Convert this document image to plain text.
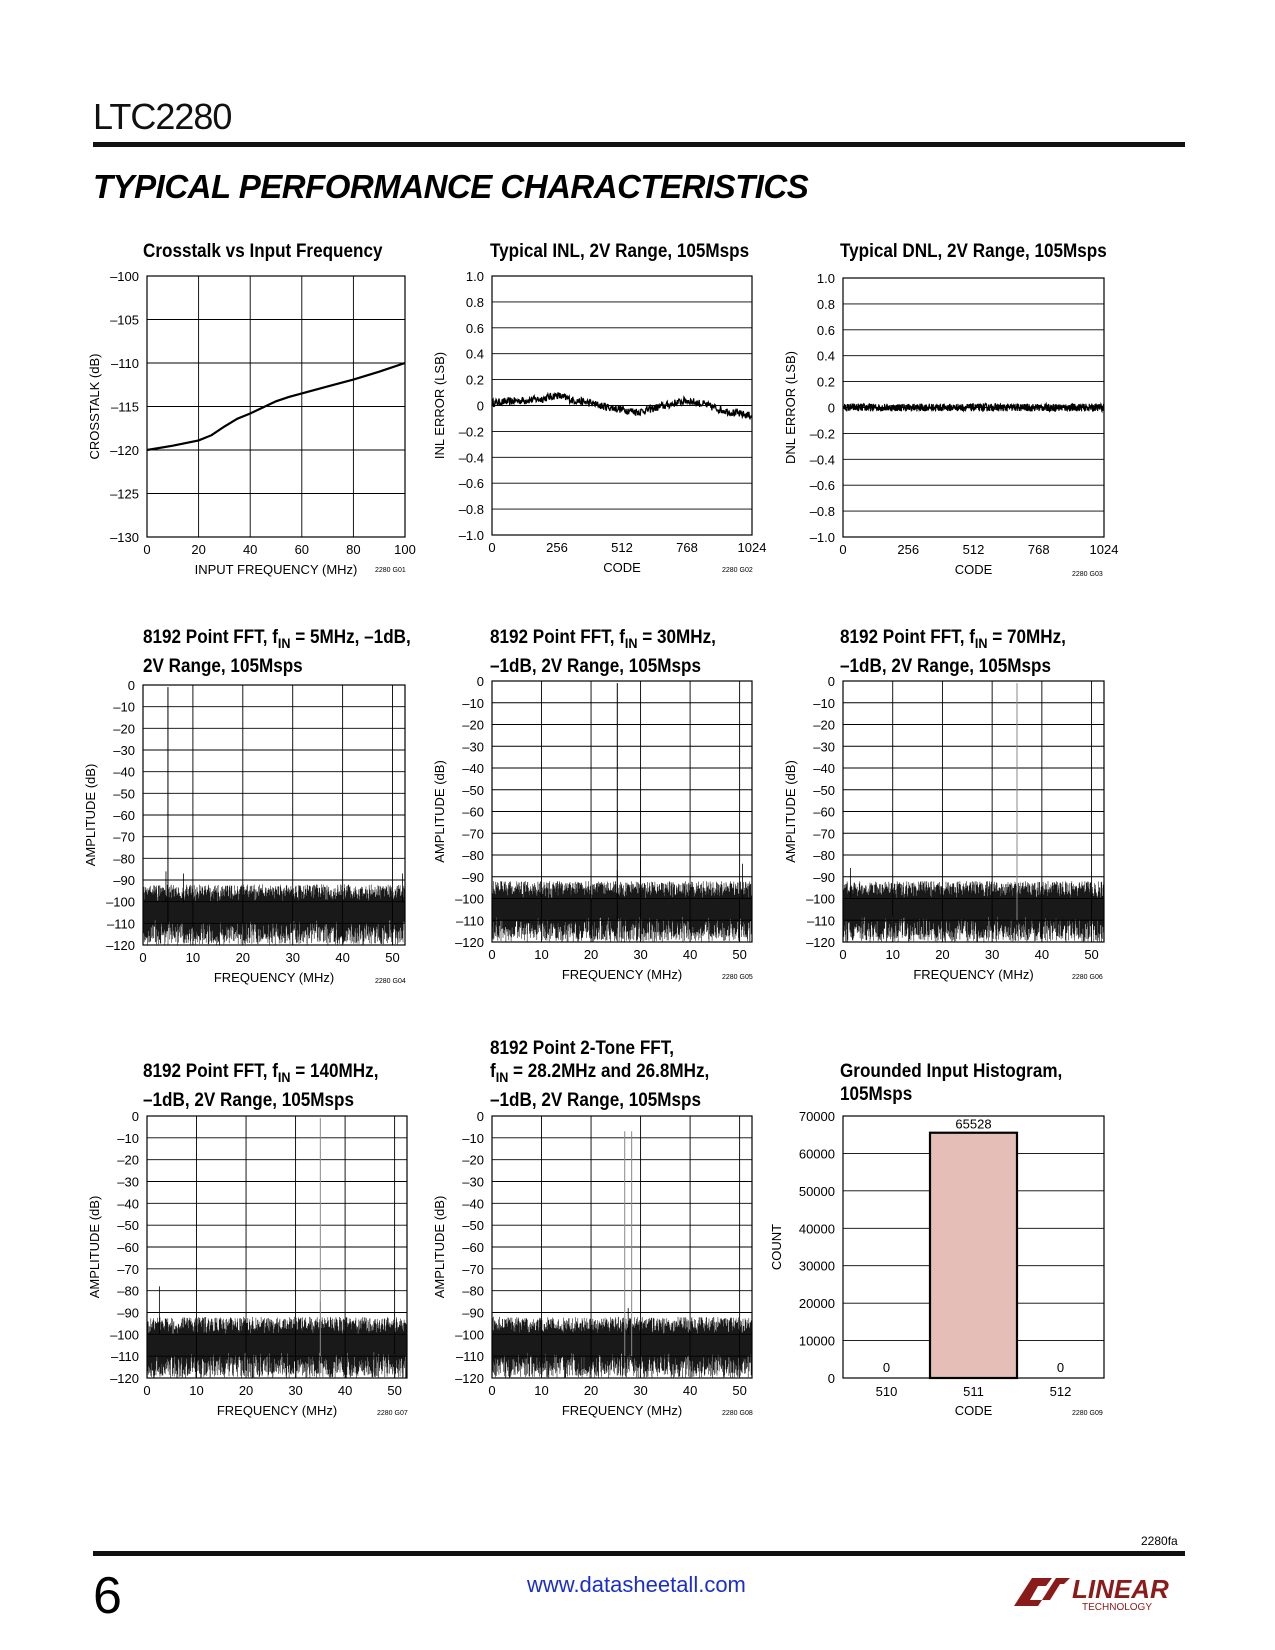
LTC2280
TYPICAL PERFORMANCE CHARACTERISTICS
Crosstalk vs Input Frequency	Typical INL, 2V Range, 105Msps	Typical DNL, 2V Range, 105Msps
8192 Point FFT, $f_{IN} = 5MHz$, –1dB,
2V Range, 105Msps
8192 Point FFT, $f_{IN} = 30MHz$,
–1dB, 2V Range, 105Msps
8192 Point FFT, $f_{IN} = 70MHz$,
–1dB, 2V Range, 105Msps
8192 Point FFT, $f_{IN} = 140MHz$,
–1dB, 2V Range, 105Msps
8192 Point 2-Tone FFT,
$f_{IN} = 28.2MHz$ and 26.8MHz,
–1dB, 2V Range, 105Msps
Grounded Input Histogram,
105Msps
2280 G01	2280 G02
2280 G03
2280 G04
2280 G05	2280 G06
2280 G07	2280 G08	2280 G09
–130
–125
–120
–115
–110
–105
–100
0	20	40	60	80	100
INPUT FREQUENCY (MHz)
CROSSTALK (dB)
–1.0
–0.8
–0.6
–0.4
–0.2
0
0.2
0.4
0.6
0.8
1.0
0	256	512	768	1024
CODE
INL ERROR (LSB)
–1.0
–0.8
–0.6
–0.4
–0.2
0
0.2
0.4
0.6
0.8
1.0
0	256	512	768	1024
CODE
DNL ERROR (LSB)
0
–10
–20
–30
–40
–50
–60
–70
–80
–90
–100
–110
–120
0	10	20	30	40	50
FREQUENCY (MHz)
AMPLITUDE (dB)
0
–10
–20
–30
–40
–50
–60
–70
–80
–90
–100
–110
–120
0	10	20	30	40	50
FREQUENCY (MHz)
AMPLITUDE (dB)
0
–10
–20
–30
–40
–50
–60
–70
–80
–90
–100
–110
–120
0	10	20	30	40	50
FREQUENCY (MHz)
AMPLITUDE (dB)
0
–10
–20
–30
–40
–50
–60
–70
–80
–90
–100
–110
–120
0	10	20	30	40	50
FREQUENCY (MHz)
AMPLITUDE (dB)
0
–10
–20
–30
–40
–50
–60
–70
–80
–90
–100
–110
–120
0	10	20	30	40	50
FREQUENCY (MHz)
AMPLITUDE (dB)
0
10000
20000
30000
40000
50000
60000
70000
510	511	512
CODE
COUNT
0
65528
0
2280fa
6	www.datasheetall.com	LINEAR
TECHNOLOGY
